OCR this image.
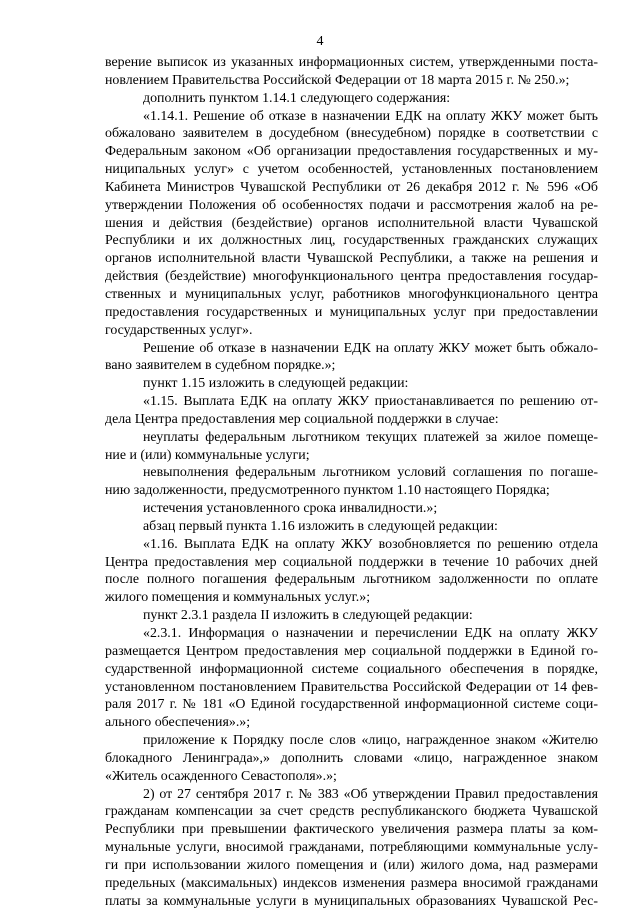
4
верение выписок из указанных информационных систем, утвержденными поста-
новлением Правительства Российской Федерации от 18 марта 2015 г. № 250.»;
дополнить пунктом 1.14.1 следующего содержания:
«1.14.1. Решение об отказе в назначении ЕДК на оплату ЖКУ может быть
обжаловано заявителем в досудебном (внесудебном) порядке в соответствии с
Федеральным законом «Об организации предоставления государственных и му-
ниципальных услуг» с учетом особенностей, установленных постановлением
Кабинета Министров Чувашской Республики от 26 декабря 2012 г. № 596 «Об
утверждении Положения об особенностях подачи и рассмотрения жалоб на ре-
шения и действия (бездействие) органов исполнительной власти Чувашской
Республики и их должностных лиц, государственных гражданских служащих
органов исполнительной власти Чувашской Республики, а также на решения и
действия (бездействие) многофункционального центра предоставления государ-
ственных и муниципальных услуг, работников многофункционального центра
предоставления государственных и муниципальных услуг при предоставлении
государственных услуг».
Решение об отказе в назначении ЕДК на оплату ЖКУ может быть обжало-
вано заявителем в судебном порядке.»;
пункт 1.15 изложить в следующей редакции:
«1.15. Выплата ЕДК на оплату ЖКУ приостанавливается по решению от-
дела Центра предоставления мер социальной поддержки в случае:
неуплаты федеральным льготником текущих платежей за жилое помеще-
ние и (или) коммунальные услуги;
невыполнения федеральным льготником условий соглашения по погаше-
нию задолженности, предусмотренного пунктом 1.10 настоящего Порядка;
истечения установленного срока инвалидности.»;
абзац первый пункта 1.16 изложить в следующей редакции:
«1.16. Выплата ЕДК на оплату ЖКУ возобновляется по решению отдела
Центра предоставления мер социальной поддержки в течение 10 рабочих дней
после полного погашения федеральным льготником задолженности по оплате
жилого помещения и коммунальных услуг.»;
пункт 2.3.1 раздела II изложить в следующей редакции:
«2.3.1. Информация о назначении и перечислении ЕДК на оплату ЖКУ
размещается Центром предоставления мер социальной поддержки в Единой го-
сударственной информационной системе социального обеспечения в порядке,
установленном постановлением Правительства Российской Федерации от 14 фев-
раля 2017 г. № 181 «О Единой государственной информационной системе соци-
ального обеспечения».»;
приложение к Порядку после слов «лицо, награжденное знаком «Жителю
блокадного Ленинграда»,» дополнить словами «лицо, награжденное знаком
«Житель осажденного Севастополя».»;
2) от 27 сентября 2017 г. № 383 «Об утверждении Правил предоставления
гражданам компенсации за счет средств республиканского бюджета Чувашской
Республики при превышении фактического увеличения размера платы за ком-
мунальные услуги, вносимой гражданами, потребляющими коммунальные услу-
ги при использовании жилого помещения и (или) жилого дома, над размерами
предельных (максимальных) индексов изменения размера вносимой гражданами
платы за коммунальные услуги в муниципальных образованиях Чувашской Рес-
